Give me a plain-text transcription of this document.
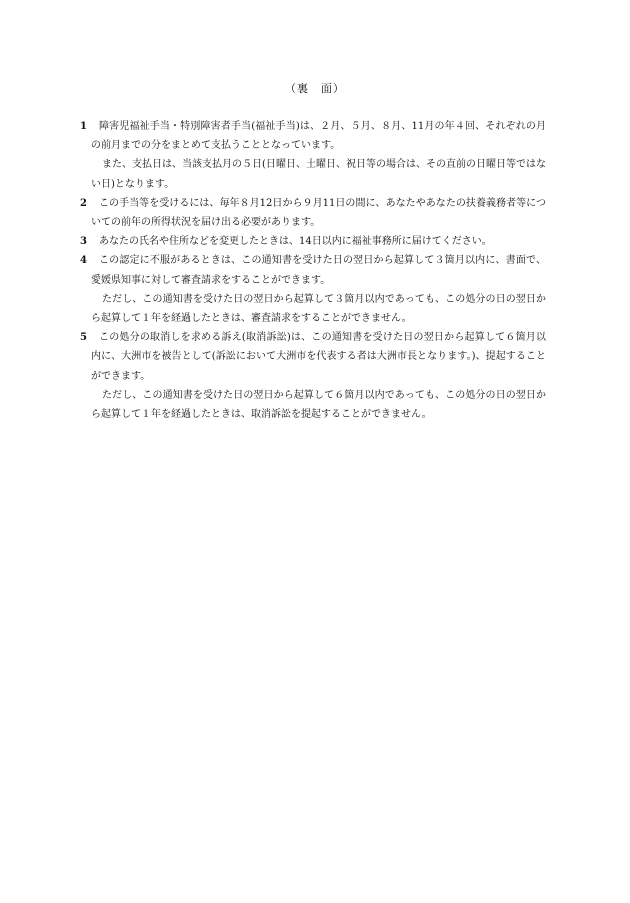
（裏　面）
1	障害児福祉手当・特別障害者手当(福祉手当)は、２月、５月、８月、11月の年４回、それぞれの月の前月までの分をまとめて支払うこととなっています。

また、支払日は、当該支払月の５日(日曜日、土曜日、祝日等の場合は、その直前の日曜日等ではない日)となります。

2	この手当等を受けるには、毎年８月12日から９月11日の間に、あなたやあなたの扶養義務者等についての前年の所得状況を届け出る必要があります。

3	あなたの氏名や住所などを変更したときは、14日以内に福祉事務所に届けてください。

4	この認定に不服があるときは、この通知書を受けた日の翌日から起算して３箇月以内に、書面で、愛媛県知事に対して審査請求をすることができます。

ただし、この通知書を受けた日の翌日から起算して３箇月以内であっても、この処分の日の翌日から起算して１年を経過したときは、審査請求をすることができません。

5	この処分の取消しを求める訴え(取消訴訟)は、この通知書を受けた日の翌日から起算して６箇月以内に、大洲市を被告として(訴訟において大洲市を代表する者は大洲市長となります。)、提起することができます。

ただし、この通知書を受けた日の翌日から起算して６箇月以内であっても、この処分の日の翌日から起算して１年を経過したときは、取消訴訟を提起することができません。
